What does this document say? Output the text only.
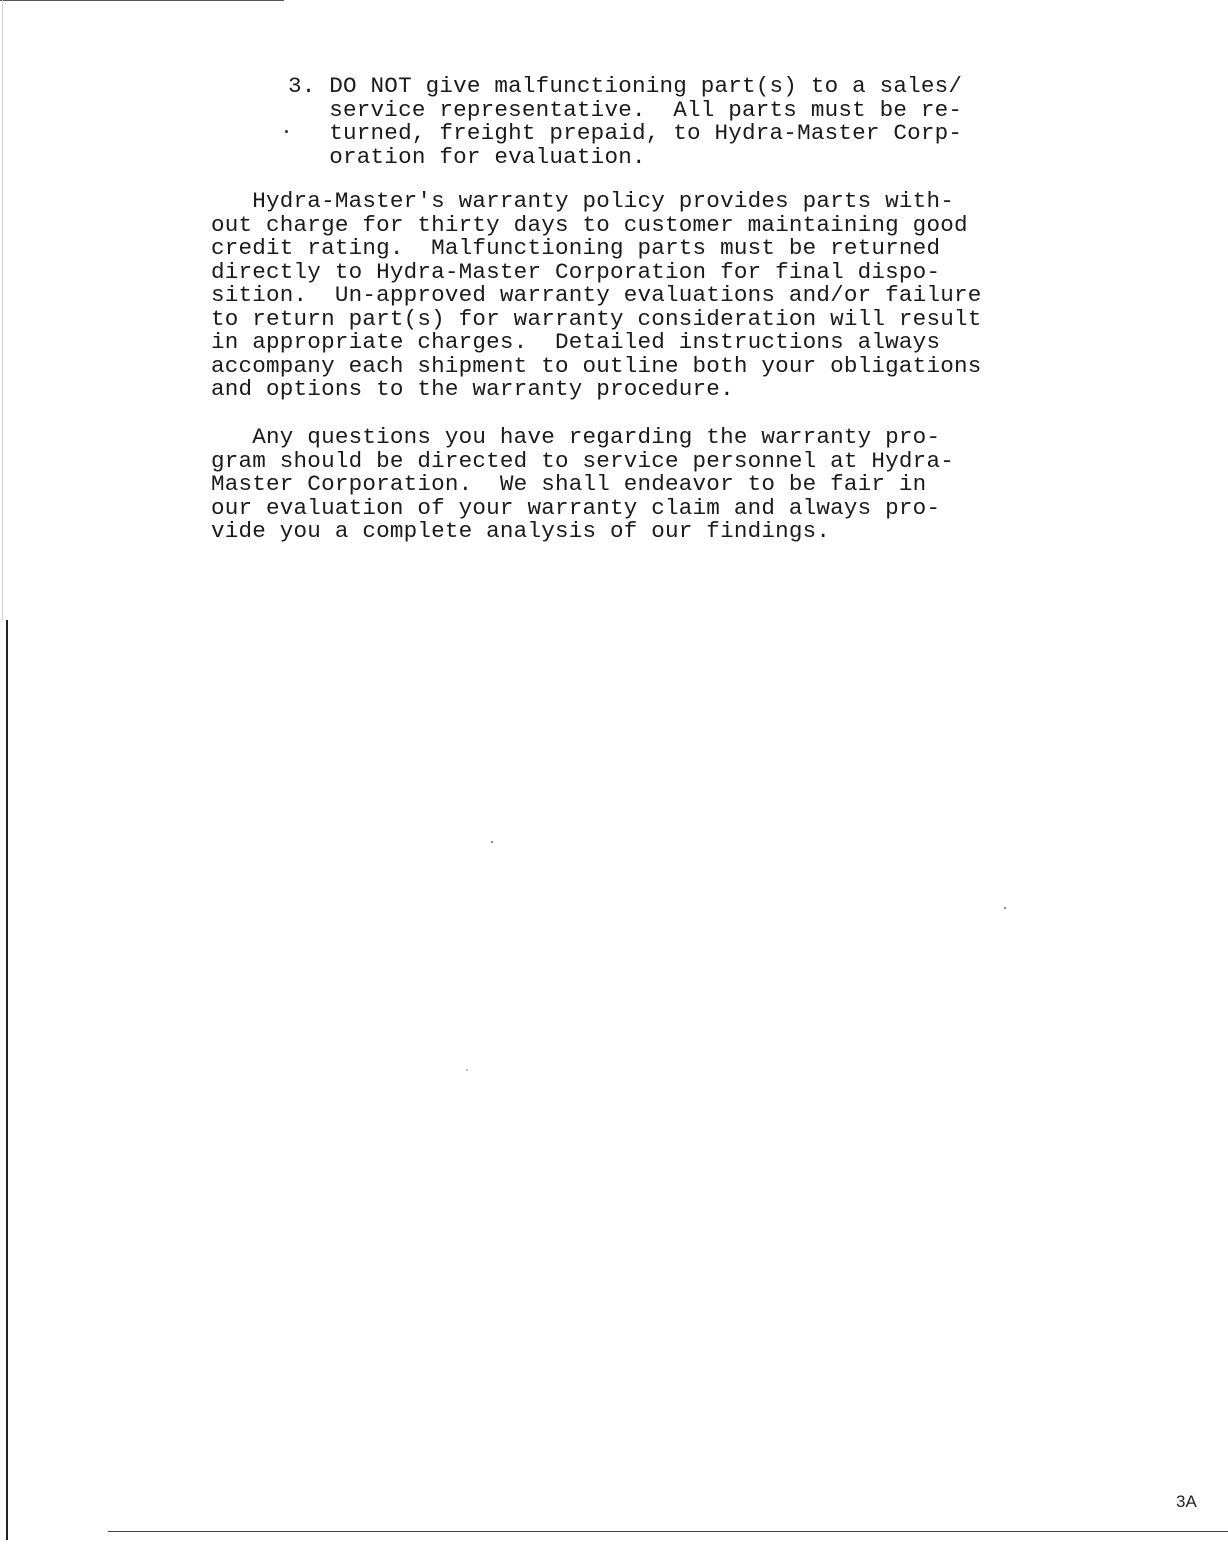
3. DO NOT give malfunctioning part(s) to a sales/
service representative.  All parts must be re-
turned, freight prepaid, to Hydra-Master Corp-
oration for evaluation.
Hydra-Master's warranty policy provides parts with-
out charge for thirty days to customer maintaining good
credit rating.  Malfunctioning parts must be returned
directly to Hydra-Master Corporation for final dispo-
sition.  Un-approved warranty evaluations and/or failure
to return part(s) for warranty consideration will result
in appropriate charges.  Detailed instructions always
accompany each shipment to outline both your obligations
and options to the warranty procedure.
Any questions you have regarding the warranty pro-
gram should be directed to service personnel at Hydra-
Master Corporation.  We shall endeavor to be fair in
our evaluation of your warranty claim and always pro-
vide you a complete analysis of our findings.
3A
